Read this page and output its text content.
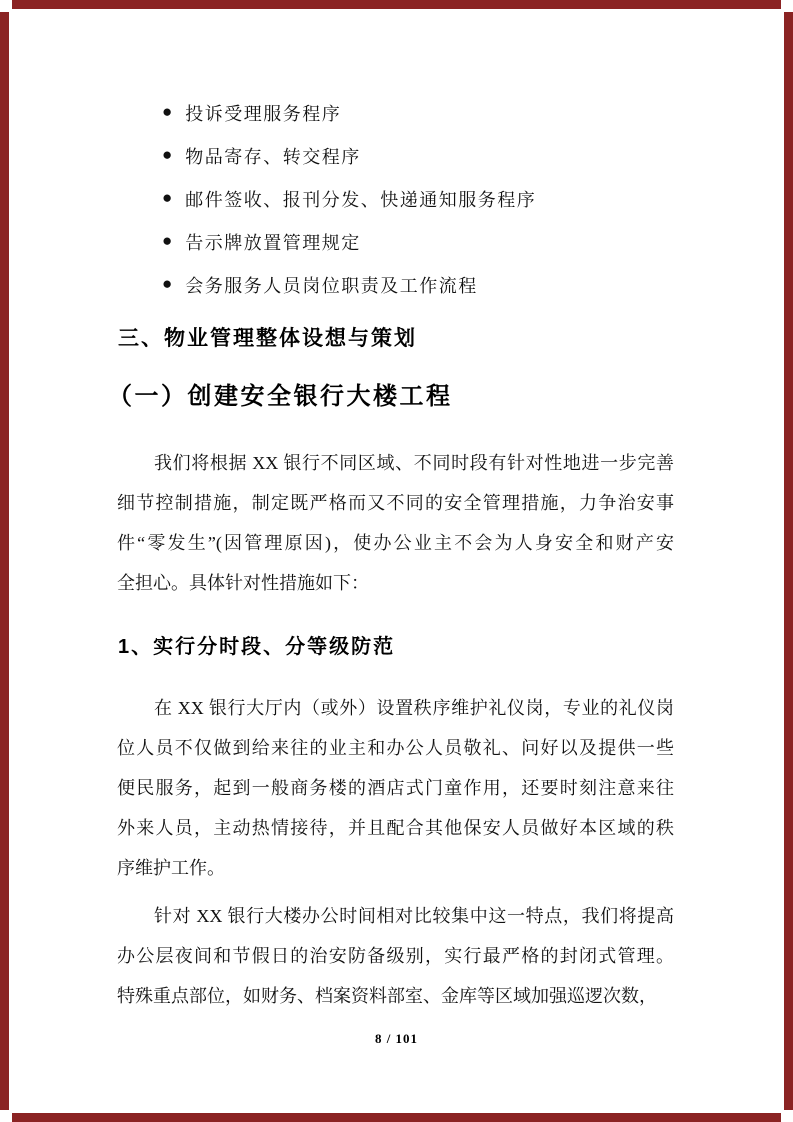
● 投诉受理服务程序
● 物品寄存、转交程序
● 邮件签收、报刊分发、快递通知服务程序
● 告示牌放置管理规定
● 会务服务人员岗位职责及工作流程
三、物业管理整体设想与策划
（一）创建安全银行大楼工程
我们将根据 XX 银行不同区域、不同时段有针对性地进一步完善
细节控制措施，制定既严格而又不同的安全管理措施，力争治安事
件“零发生”(因管理原因)，使办公业主不会为人身安全和财产安
全担心。具体针对性措施如下：
1、实行分时段、分等级防范
在 XX 银行大厅内（或外）设置秩序维护礼仪岗，专业的礼仪岗
位人员不仅做到给来往的业主和办公人员敬礼、问好以及提供一些
便民服务，起到一般商务楼的酒店式门童作用，还要时刻注意来往
外来人员，主动热情接待，并且配合其他保安人员做好本区域的秩
序维护工作。
针对 XX 银行大楼办公时间相对比较集中这一特点，我们将提高
办公层夜间和节假日的治安防备级别，实行最严格的封闭式管理。
特殊重点部位，如财务、档案资料部室、金库等区域加强巡逻次数，
8 / 101
